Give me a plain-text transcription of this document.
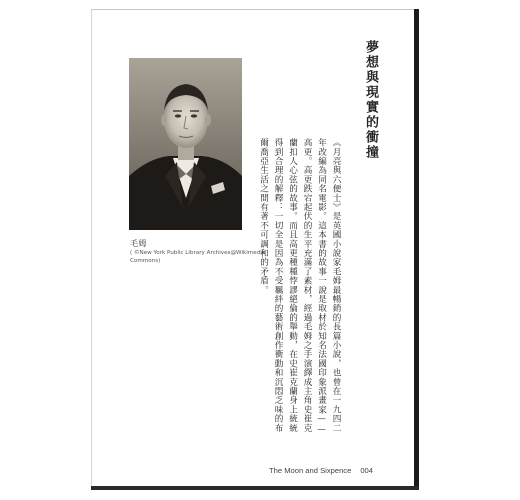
毛姆
( ©New York Public Library Archives@Wikimedia
Commons)
夢想與現實的衝撞
《月亮與六便士》是英國小說家毛姆最暢銷的長篇小說，也曾在一九四二年改編為同名電影。這本書的故事一說是取材於知名法國印象派畫家——高更。高更跌宕起伏的生平充滿了素材，經過毛姆之手演繹成主角史崔克蘭扣人心弦的故事。而且高更種種悖謬絕倫的舉動，在史崔克蘭身上統統得到合理的解釋：一切全是因為不受羈絆的藝術創作衝動和沉悶乏味的布爾喬亞生活之間有著不可調和的矛盾。
The Moon and Sixpence 004
